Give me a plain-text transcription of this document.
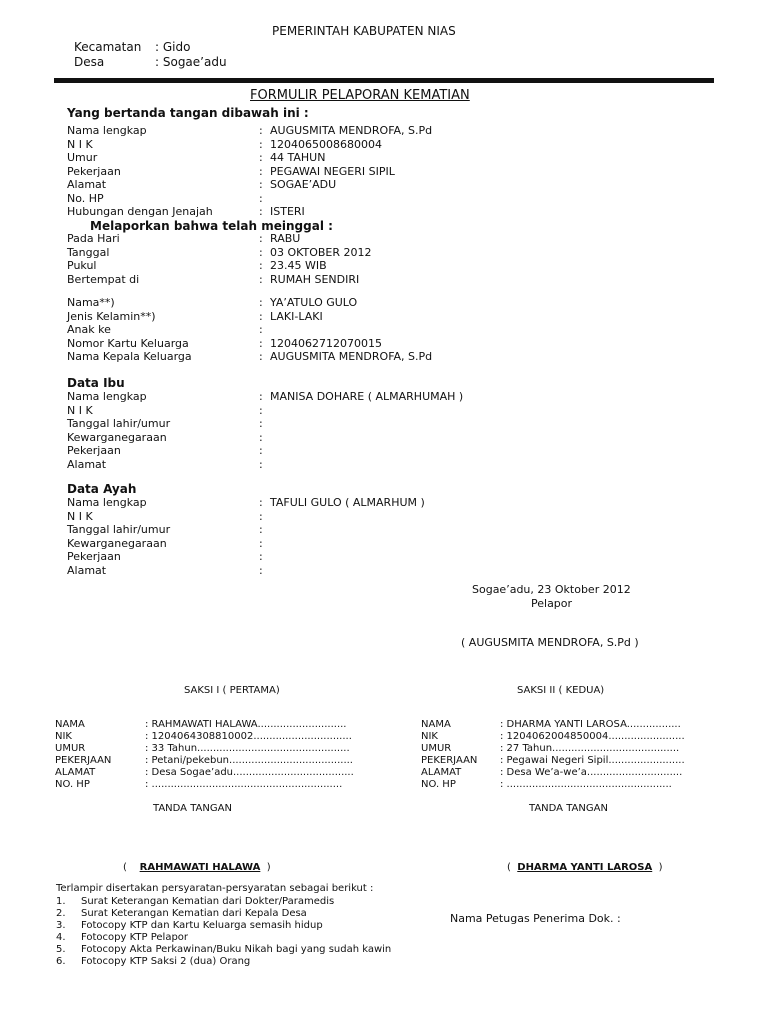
PEMERINTAH KABUPATEN NIAS
Kecamatan : Gido
Desa	: Sogae’adu
FORMULIR PELAPORAN KEMATIAN
Yang bertanda tangan dibawah ini :
Nama lengkap	: AUGUSMITA MENDROFA, S.Pd
N I K	: 1204065008680004
Umur	: 44 TAHUN
Pekerjaan	: PEGAWAI NEGERI SIPIL
Alamat	: SOGAE’ADU
No. HP	:
Hubungan dengan Jenajah	: ISTERI
Melaporkan bahwa telah meinggal :
Pada Hari	: RABU
Tanggal	: 03 OKTOBER 2012
Pukul	: 23.45 WIB
Bertempat di	: RUMAH SENDIRI
Nama**)	: YA’ATULO GULO
Jenis Kelamin**)	: LAKI-LAKI
Anak ke	:
Nomor Kartu Keluarga	: 1204062712070015
Nama Kepala Keluarga	: AUGUSMITA MENDROFA, S.Pd
Data Ibu
Nama lengkap	: MANISA DOHARE ( ALMARHUMAH )
N I K	:
Tanggal lahir/umur	:
Kewarganegaraan	:
Pekerjaan	:
Alamat	:
Data Ayah
Nama lengkap	: TAFULI GULO ( ALMARHUM )
N I K	:
Tanggal lahir/umur	:
Kewarganegaraan	:
Pekerjaan	:
Alamat	:
Sogae’adu, 23 Oktober 2012
Pelapor
( AUGUSMITA MENDROFA, S.Pd )
SAKSI I ( PERTAMA)	SAKSI II ( KEDUA)
NAMA	: RAHMAWATI HALAWA............................
NIK	: 1204064308810002...............................
UMUR	: 33 Tahun................................................
PEKERJAAN	: Petani/pekebun.......................................
ALAMAT	: Desa Sogae’adu......................................
NO. HP	: ............................................................
NAMA	: DHARMA YANTI LAROSA.................
NIK	: 1204062004850004........................
UMUR	: 27 Tahun........................................
PEKERJAAN : Pegawai Negeri Sipil........................
ALAMAT	: Desa We’a-we’a..............................
NO. HP	: ....................................................
TANDA TANGAN	TANDA TANGAN
( RAHMAWATI HALAWA )	( DHARMA YANTI LAROSA )
Terlampir disertakan persyaratan-persyaratan sebagai berikut :
1. Surat Keterangan Kematian dari Dokter/Paramedis
2. Surat Keterangan Kematian dari Kepala Desa
3. Fotocopy KTP dan Kartu Keluarga semasih hidup
4. Fotocopy KTP Pelapor
5. Fotocopy Akta Perkawinan/Buku Nikah bagi yang sudah kawin
6. Fotocopy KTP Saksi 2 (dua) Orang
Nama Petugas Penerima Dok. :
